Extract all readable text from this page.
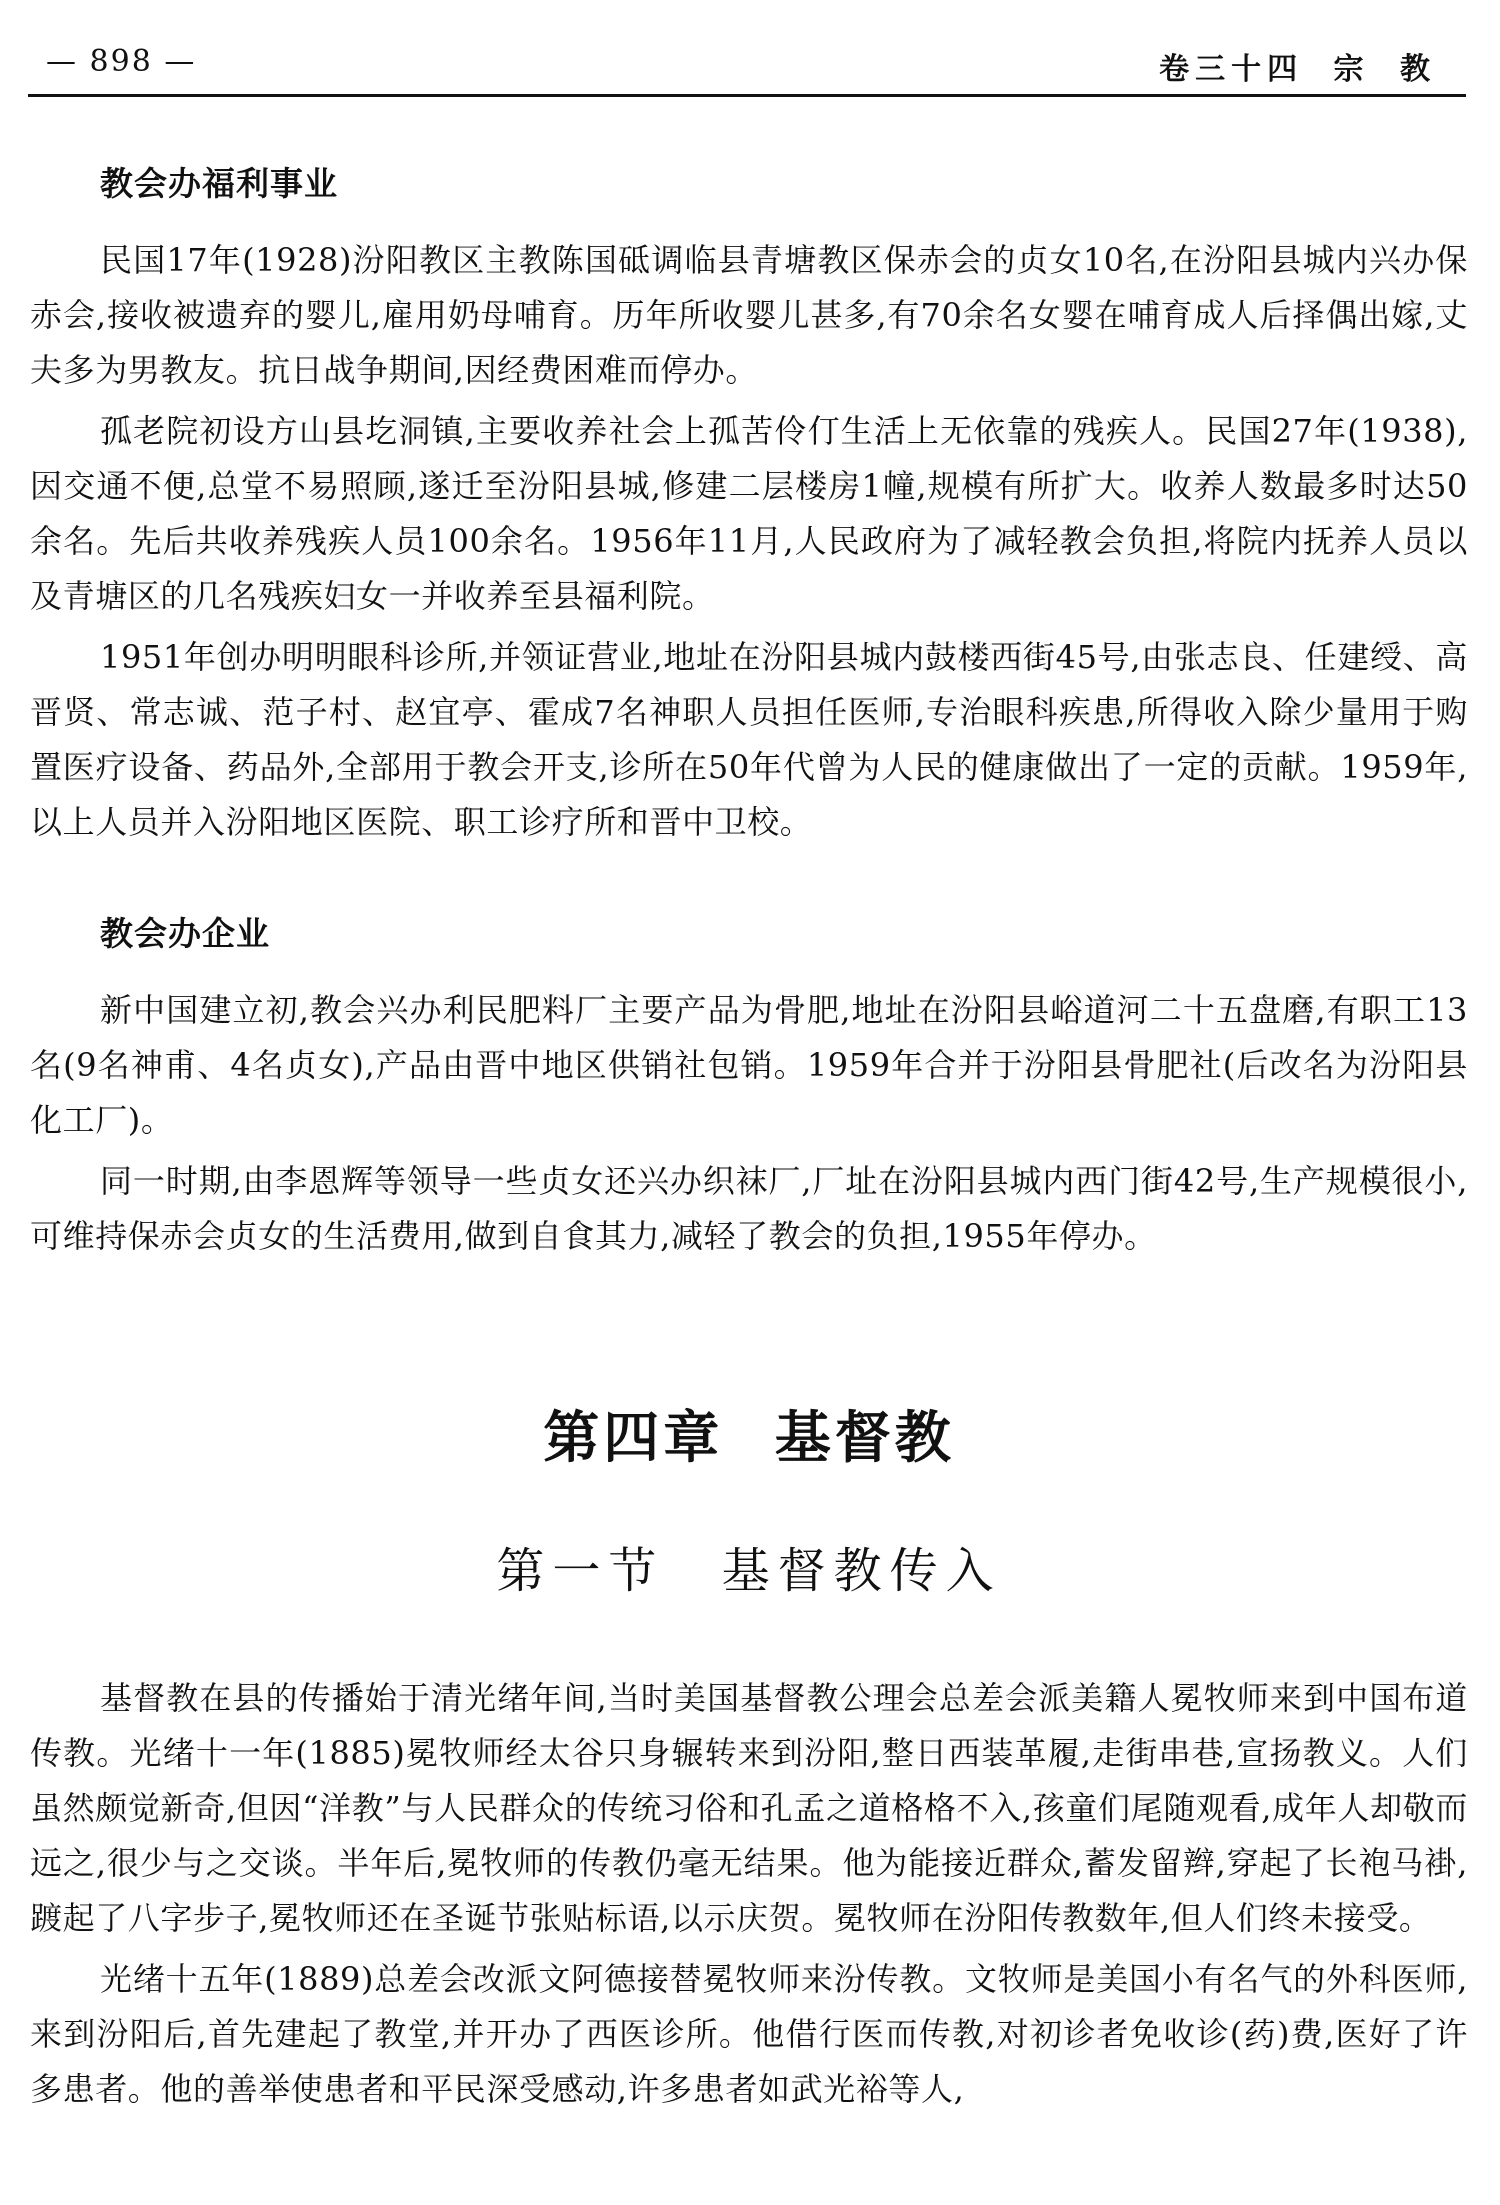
— 898 —	卷三十四 宗 教
教会办福利事业

民国17年(1928)汾阳教区主教陈国砥调临县青塘教区保赤会的贞女10名,在汾阳县城内兴办保赤会,接收被遗弃的婴儿,雇用奶母哺育。历年所收婴儿甚多,有70余名女婴在哺育成人后择偶出嫁,丈夫多为男教友。抗日战争期间,因经费困难而停办。

孤老院初设方山县圪洞镇,主要收养社会上孤苦伶仃生活上无依靠的残疾人。民国27年(1938),因交通不便,总堂不易照顾,遂迁至汾阳县城,修建二层楼房1幢,规模有所扩大。收养人数最多时达50余名。先后共收养残疾人员100余名。1956年11月,人民政府为了减轻教会负担,将院内抚养人员以及青塘区的几名残疾妇女一并收养至县福利院。

1951年创办明明眼科诊所,并领证营业,地址在汾阳县城内鼓楼西街45号,由张志良、任建绶、高晋贤、常志诚、范子村、赵宜亭、霍成7名神职人员担任医师,专治眼科疾患,所得收入除少量用于购置医疗设备、药品外,全部用于教会开支,诊所在50年代曾为人民的健康做出了一定的贡献。1959年,以上人员并入汾阳地区医院、职工诊疗所和晋中卫校。

教会办企业

新中国建立初,教会兴办利民肥料厂主要产品为骨肥,地址在汾阳县峪道河二十五盘磨,有职工13名(9名神甫、4名贞女),产品由晋中地区供销社包销。1959年合并于汾阳县骨肥社(后改名为汾阳县化工厂)。

同一时期,由李恩辉等领导一些贞女还兴办织袜厂,厂址在汾阳县城内西门街42号,生产规模很小,可维持保赤会贞女的生活费用,做到自食其力,减轻了教会的负担,1955年停办。

第四章 基督教
第一节 基督教传入

基督教在县的传播始于清光绪年间,当时美国基督教公理会总差会派美籍人冕牧师来到中国布道传教。光绪十一年(1885)冕牧师经太谷只身辗转来到汾阳,整日西装革履,走街串巷,宣扬教义。人们虽然颇觉新奇,但因“洋教”与人民群众的传统习俗和孔孟之道格格不入,孩童们尾随观看,成年人却敬而远之,很少与之交谈。半年后,冕牧师的传教仍毫无结果。他为能接近群众,蓄发留辫,穿起了长袍马褂,踱起了八字步子,冕牧师还在圣诞节张贴标语,以示庆贺。冕牧师在汾阳传教数年,但人们终未接受。

光绪十五年(1889)总差会改派文阿德接替冕牧师来汾传教。文牧师是美国小有名气的外科医师,来到汾阳后,首先建起了教堂,并开办了西医诊所。他借行医而传教,对初诊者免收诊(药)费,医好了许多患者。他的善举使患者和平民深受感动,许多患者如武光裕等人,
